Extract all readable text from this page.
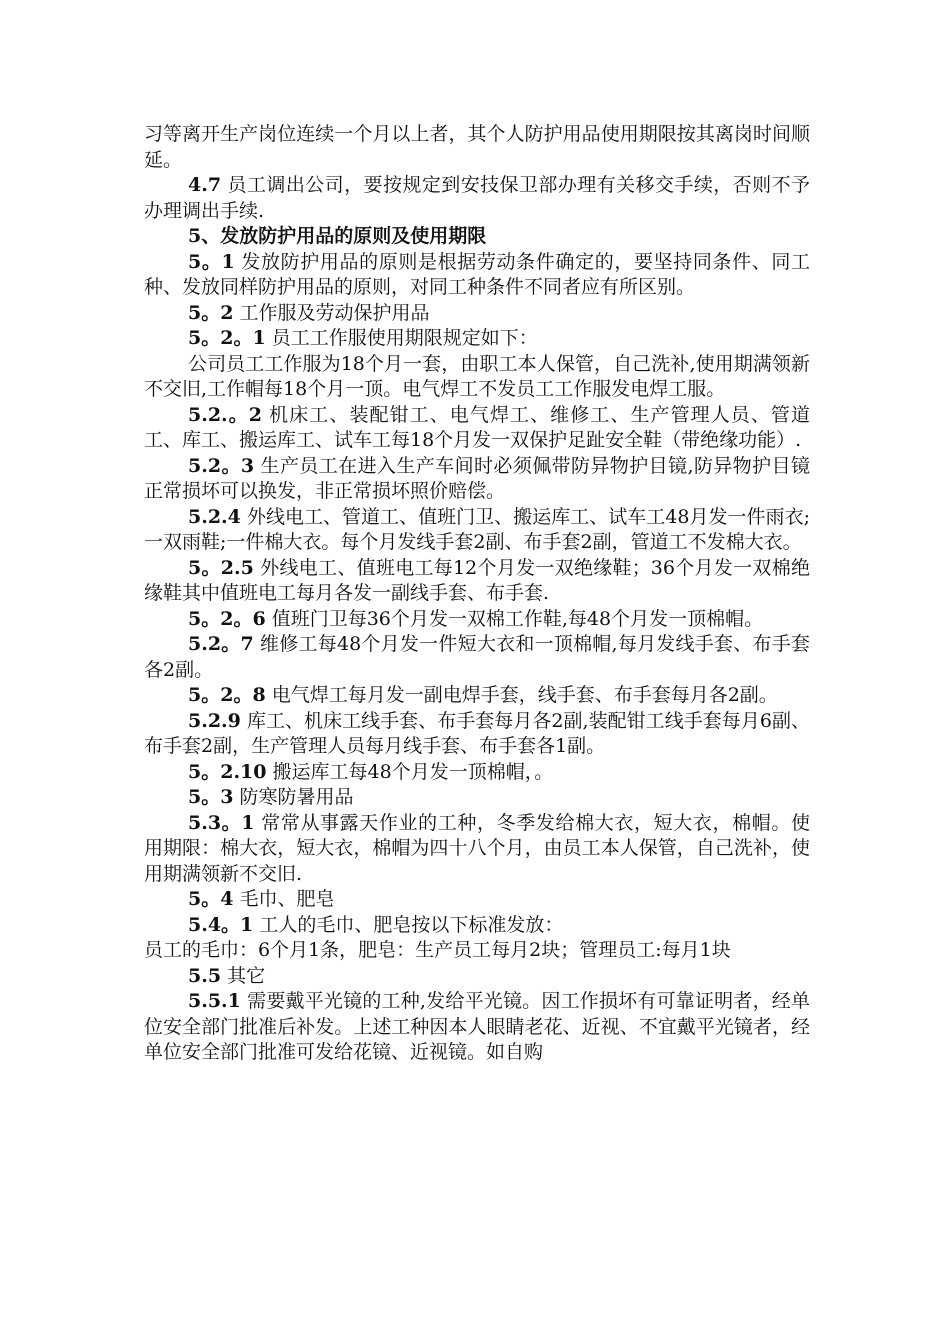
习等离开生产岗位连续一个月以上者，其个人防护用品使用期限按其离岗时间顺延。

4.7 员工调出公司，要按规定到安技保卫部办理有关移交手续，否则不予办理调出手续.

5、发放防护用品的原则及使用期限

5。1 发放防护用品的原则是根据劳动条件确定的，要坚持同条件、同工种、发放同样防护用品的原则，对同工种条件不同者应有所区别。

5。2 工作服及劳动保护用品

5。2。1 员工工作服使用期限规定如下：

公司员工工作服为18个月一套，由职工本人保管，自己洗补,使用期满领新不交旧,工作帽每18个月一顶。电气焊工不发员工工作服发电焊工服。

5.2.。2 机床工、装配钳工、电气焊工、维修工、生产管理人员、管道工、库工、搬运库工、试车工每18个月发一双保护足趾安全鞋（带绝缘功能）.

5.2。3 生产员工在进入生产车间时必须佩带防异物护目镜,防异物护目镜正常损坏可以换发，非正常损坏照价赔偿。

5.2.4 外线电工、管道工、值班门卫、搬运库工、试车工48月发一件雨衣;一双雨鞋;一件棉大衣。每个月发线手套2副、布手套2副，管道工不发棉大衣。

5。2.5 外线电工、值班电工每12个月发一双绝缘鞋；36个月发一双棉绝缘鞋其中值班电工每月各发一副线手套、布手套.

5。2。6 值班门卫每36个月发一双棉工作鞋,每48个月发一顶棉帽。

5.2。7 维修工每48个月发一件短大衣和一顶棉帽,每月发线手套、布手套各2副。

5。2。8 电气焊工每月发一副电焊手套，线手套、布手套每月各2副。

5.2.9 库工、机床工线手套、布手套每月各2副,装配钳工线手套每月6副、布手套2副，生产管理人员每月线手套、布手套各1副。

5。2.10 搬运库工每48个月发一顶棉帽，。

5。3 防寒防暑用品

5.3。1 常常从事露天作业的工种，冬季发给棉大衣，短大衣，棉帽。使用期限：棉大衣，短大衣，棉帽为四十八个月，由员工本人保管，自己洗补，使用期满领新不交旧.

5。4 毛巾、肥皂

5.4。1 工人的毛巾、肥皂按以下标准发放：

员工的毛巾：6个月1条，肥皂：生产员工每月2块；管理员工:每月1块

5.5 其它

5.5.1 需要戴平光镜的工种,发给平光镜。因工作损坏有可靠证明者，经单位安全部门批准后补发。上述工种因本人眼睛老花、近视、不宜戴平光镜者，经单位安全部门批准可发给花镜、近视镜。如自购
